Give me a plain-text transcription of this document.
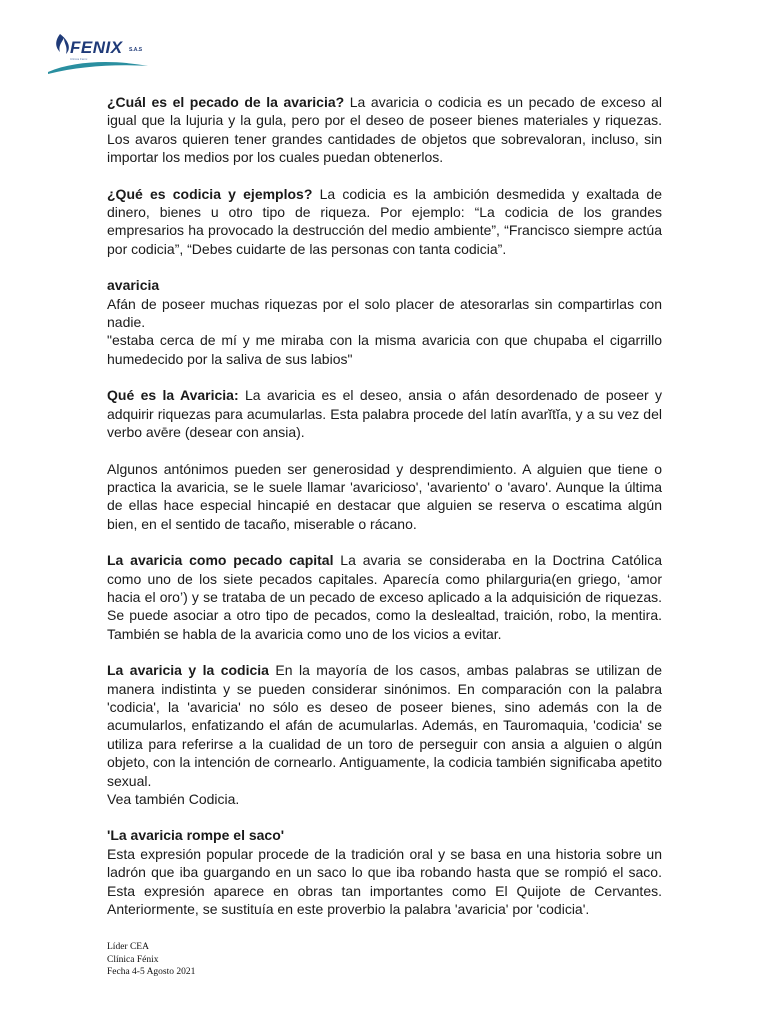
FENIX S.A.S
Clínica Fénix

¿Cuál es el pecado de la avaricia? La avaricia o codicia es un pecado de exceso al igual que la lujuria y la gula, pero por el deseo de poseer bienes materiales y riquezas. Los avaros quieren tener grandes cantidades de objetos que sobrevaloran, incluso, sin importar los medios por los cuales puedan obtenerlos.

¿Qué es codicia y ejemplos? La codicia es la ambición desmedida y exaltada de dinero, bienes u otro tipo de riqueza. Por ejemplo: “La codicia de los grandes empresarios ha provocado la destrucción del medio ambiente”, “Francisco siempre actúa por codicia”, “Debes cuidarte de las personas con tanta codicia”.

avaricia
Afán de poseer muchas riquezas por el solo placer de atesorarlas sin compartirlas con nadie.
"estaba cerca de mí y me miraba con la misma avaricia con que chupaba el cigarrillo humedecido por la saliva de sus labios"

Qué es la Avaricia: La avaricia es el deseo, ansia o afán desordenado de poseer y adquirir riquezas para acumularlas. Esta palabra procede del latín avarĭtĭa, y a su vez del verbo avēre (desear con ansia).

Algunos antónimos pueden ser generosidad y desprendimiento. A alguien que tiene o practica la avaricia, se le suele llamar 'avaricioso', 'avariento' o 'avaro'. Aunque la última de ellas hace especial hincapié en destacar que alguien se reserva o escatima algún bien, en el sentido de tacaño, miserable o rácano.

La avaricia como pecado capital La avaria se consideraba en la Doctrina Católica como uno de los siete pecados capitales. Aparecía como philarguria(en griego, ‘amor hacia el oro’) y se trataba de un pecado de exceso aplicado a la adquisición de riquezas. Se puede asociar a otro tipo de pecados, como la deslealtad, traición, robo, la mentira. También se habla de la avaricia como uno de los vicios a evitar.

La avaricia y la codicia En la mayoría de los casos, ambas palabras se utilizan de manera indistinta y se pueden considerar sinónimos. En comparación con la palabra 'codicia', la 'avaricia' no sólo es deseo de poseer bienes, sino además con la de acumularlos, enfatizando el afán de acumularlas. Además, en Tauromaquia, 'codicia' se utiliza para referirse a la cualidad de un toro de perseguir con ansia a alguien o algún objeto, con la intención de cornearlo. Antiguamente, la codicia también significaba apetito sexual.
Vea también Codicia.

'La avaricia rompe el saco'
Esta expresión popular procede de la tradición oral y se basa en una historia sobre un ladrón que iba guargando en un saco lo que iba robando hasta que se rompió el saco. Esta expresión aparece en obras tan importantes como El Quijote de Cervantes. Anteriormente, se sustituía en este proverbio la palabra 'avaricia' por 'codicia'.

Líder CEA
Clínica Fénix
Fecha 4-5 Agosto 2021
